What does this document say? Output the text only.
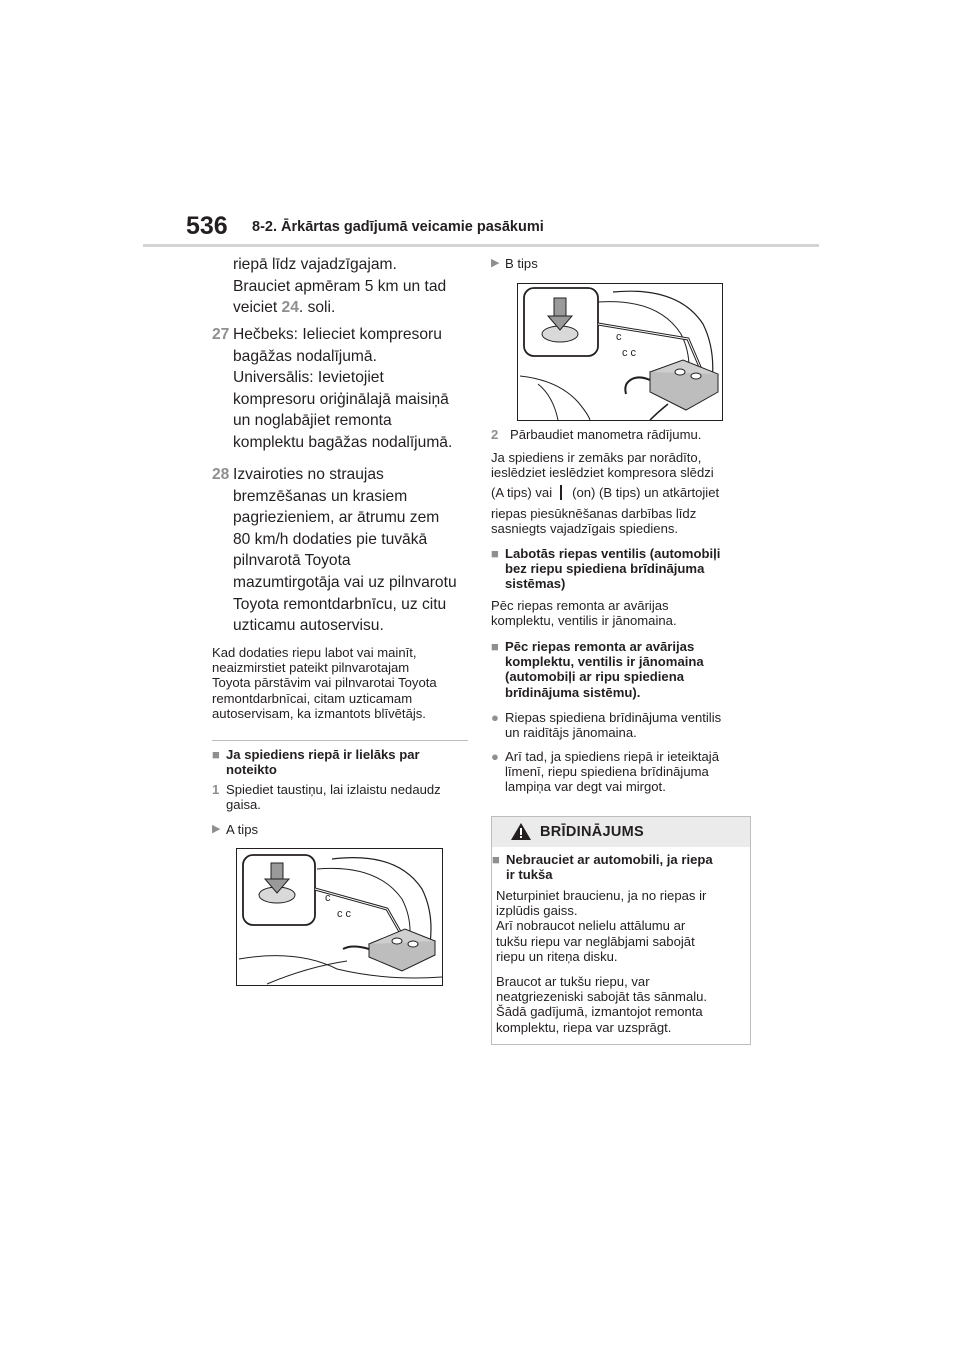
536 8-2. Ārkārtas gadījumā veicamie pasākumi
riepā līdz vajadzīgajam.
Brauciet apmēram 5 km un tad
veiciet 24. soli.
27 Hečbeks: Ielieciet kompresoru
bagāžas nodalījumā.
Universālis: Ievietojiet
kompresoru oriģinālajā maisiņā
un noglabājiet remonta
komplektu bagāžas nodalījumā.
28 Izvairoties no straujas
bremzēšanas un krasiem
pagriezieniem, ar ātrumu zem
80 km/h dodaties pie tuvākā
pilnvarotā Toyota
mazumtirgotāja vai uz pilnvarotu
Toyota remontdarbnīcu, uz citu
uzticamu autoservisu.
Kad dodaties riepu labot vai mainīt,
neaizmirstiet pateikt pilnvarotajam
Toyota pārstāvim vai pilnvarotai Toyota
remontdarbnīcai, citam uzticamam
autoservisam, ka izmantots blīvētājs.
■ Ja spiediens riepā ir lielāks par
noteikto
1 Spiediet taustiņu, lai izlaistu nedaudz
gaisa.
▶ A tips
c
c c
▶ B tips
c
c c
2 Pārbaudiet manometra rādījumu.
Ja spiediens ir zemāks par norādīto,
ieslēdziet ieslēdziet kompresora slēdzi
(A tips) vai (on) (B tips) un atkārtojiet
riepas piesūknēšanas darbības līdz
sasniegts vajadzīgais spiediens.
■ Labotās riepas ventilis (automobiļi
bez riepu spiediena brīdinājuma
sistēmas)
Pēc riepas remonta ar avārijas
komplektu, ventilis ir jānomaina.
■ Pēc riepas remonta ar avārijas
komplektu, ventilis ir jānomaina
(automobiļi ar ripu spiediena
brīdinājuma sistēmu).
● Riepas spiediena brīdinājuma ventilis
un raidītājs jānomaina.
● Arī tad, ja spiediens riepā ir ieteiktajā
līmenī, riepu spiediena brīdinājuma
lampiņa var degt vai mirgot.
BRĪDINĀJUMS
■ Nebrauciet ar automobili, ja riepa
ir tukša
Neturpiniet braucienu, ja no riepas ir
izplūdis gaiss.
Arī nobraucot nelielu attālumu ar
tukšu riepu var neglābjami sabojāt
riepu un riteņa disku.
Braucot ar tukšu riepu, var
neatgriezeniski sabojāt tās sānmalu.
Šādā gadījumā, izmantojot remonta
komplektu, riepa var uzsprāgt.
